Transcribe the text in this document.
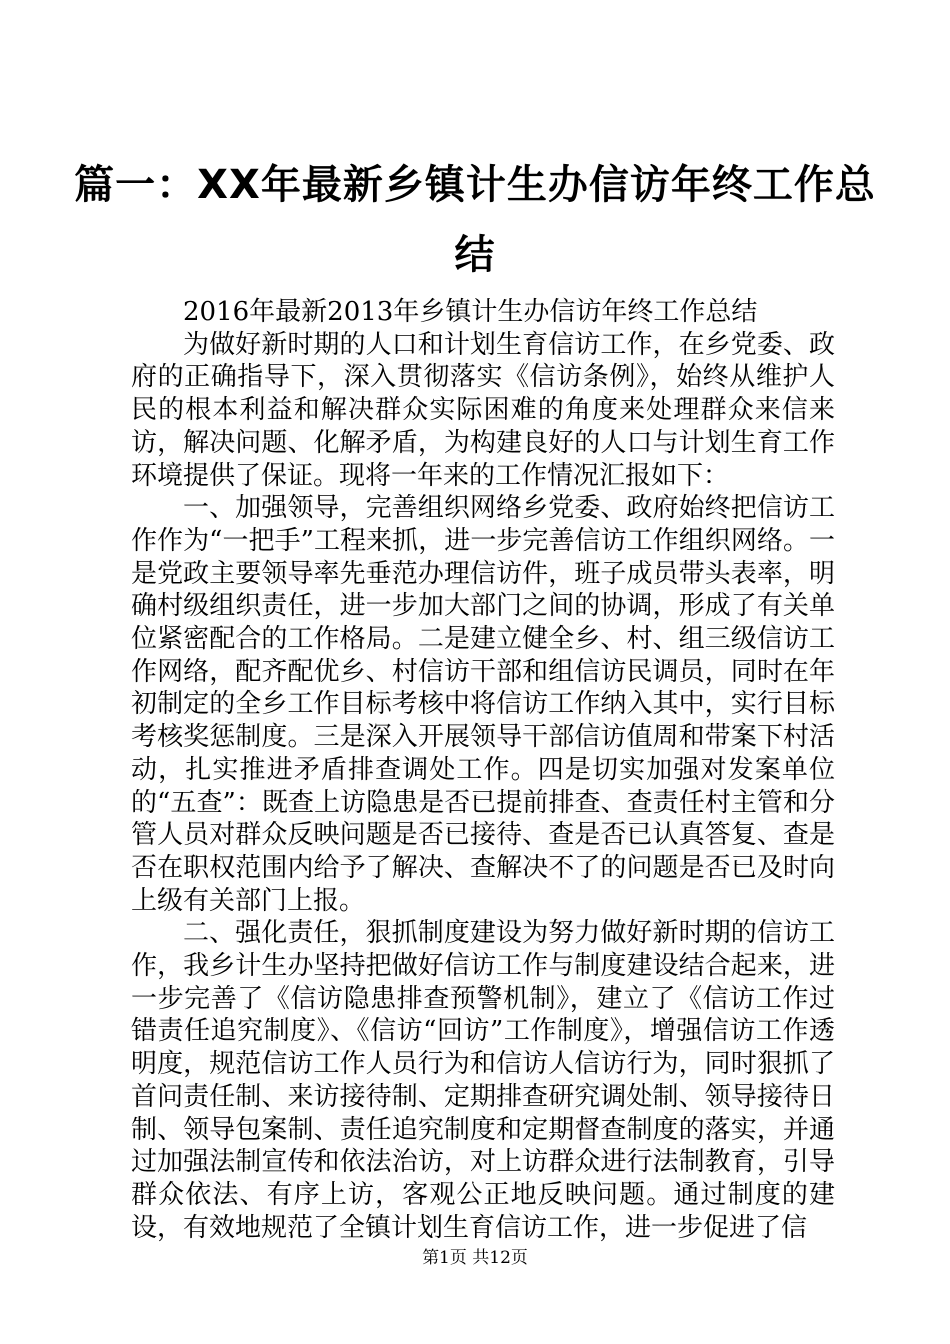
篇一：XX年最新乡镇计生办信访年终工作总结

2016年最新2013年乡镇计生办信访年终工作总结

为做好新时期的人口和计划生育信访工作，在乡党委、政府的正确指导下，深入贯彻落实《信访条例》，始终从维护人民的根本利益和解决群众实际困难的角度来处理群众来信来访，解决问题、化解矛盾，为构建良好的人口与计划生育工作环境提供了保证。现将一年来的工作情况汇报如下：

一、加强领导，完善组织网络乡党委、政府始终把信访工作作为“一把手”工程来抓，进一步完善信访工作组织网络。一是党政主要领导率先垂范办理信访件，班子成员带头表率，明确村级组织责任，进一步加大部门之间的协调，形成了有关单位紧密配合的工作格局。二是建立健全乡、村、组三级信访工作网络，配齐配优乡、村信访干部和组信访民调员，同时在年初制定的全乡工作目标考核中将信访工作纳入其中，实行目标考核奖惩制度。三是深入开展领导干部信访值周和带案下村活动，扎实推进矛盾排查调处工作。四是切实加强对发案单位的“五查”：既查上访隐患是否已提前排查、查责任村主管和分管人员对群众反映问题是否已接待、查是否已认真答复、查是否在职权范围内给予了解决、查解决不了的问题是否已及时向上级有关部门上报。

二、强化责任，狠抓制度建设为努力做好新时期的信访工作，我乡计生办坚持把做好信访工作与制度建设结合起来，进一步完善了《信访隐患排查预警机制》，建立了《信访工作过错责任追究制度》、《信访“回访”工作制度》，增强信访工作透明度，规范信访工作人员行为和信访人信访行为，同时狠抓了首问责任制、来访接待制、定期排查研究调处制、领导接待日制、领导包案制、责任追究制度和定期督查制度的落实，并通过加强法制宣传和依法治访，对上访群众进行法制教育，引导群众依法、有序上访，客观公正地反映问题。通过制度的建设，有效地规范了全镇计划生育信访工作，进一步促进了信

第1页 共12页
